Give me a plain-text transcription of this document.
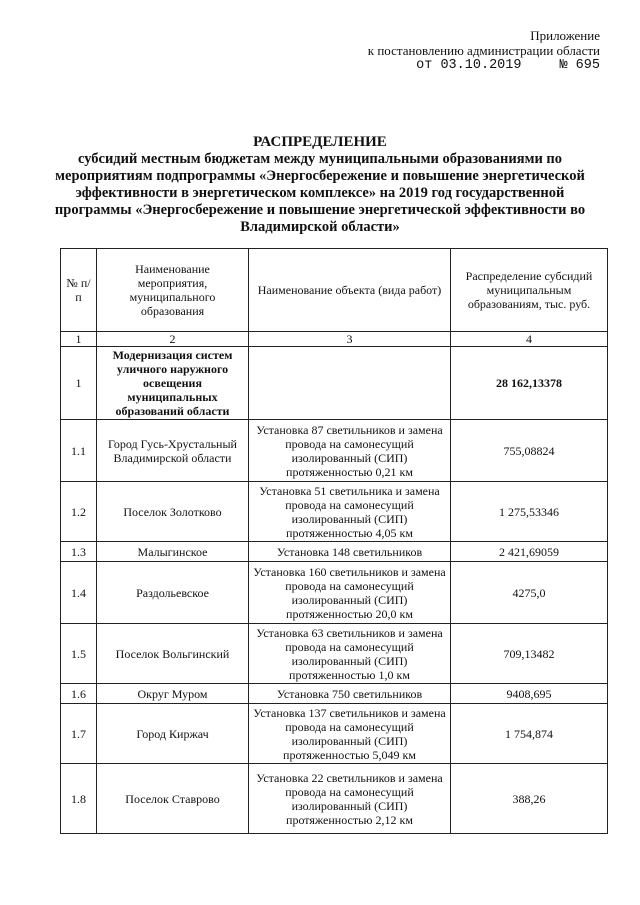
Приложение
к постановлению администрации области
от 03.10.2019	№ 695
РАСПРЕДЕЛЕНИЕ
субсидий местным бюджетам между муниципальными образованиями по
мероприятиям подпрограммы «Энергосбережение и повышение энергетической
эффективности в энергетическом комплексе» на 2019 год государственной
программы «Энергосбережение и повышение энергетической эффективности во
Владимирской области»
№ п/п	Наименование мероприятия, муниципального образования	Наименование объекта (вида работ)	Распределение субсидий муниципальным образованиям, тыс. руб.
1	2	3	4
1	Модернизация систем уличного наружного освещения муниципальных образований области		28 162,13378
1.1	Город Гусь-Хрустальный Владимирской области	Установка 87 светильников и замена провода на самонесущий изолированный (СИП) протяженностью 0,21 км	755,08824
1.2	Поселок Золотково	Установка 51 светильника и замена провода на самонесущий изолированный (СИП) протяженностью 4,05 км	1 275,53346
1.3	Малыгинское	Установка 148 светильников	2 421,69059
1.4	Раздольевское	Установка 160 светильников и замена провода на самонесущий изолированный (СИП) протяженностью 20,0 км	4275,0
1.5	Поселок Вольгинский	Установка 63 светильников и замена провода на самонесущий изолированный (СИП) протяженностью 1,0 км	709,13482
1.6	Округ Муром	Установка 750 светильников	9408,695
1.7	Город Киржач	Установка 137 светильников и замена провода на самонесущий изолированный (СИП) протяженностью 5,049 км	1 754,874
1.8	Поселок Ставрово	Установка 22 светильников и замена провода на самонесущий изолированный (СИП) протяженностью 2,12 км	388,26
